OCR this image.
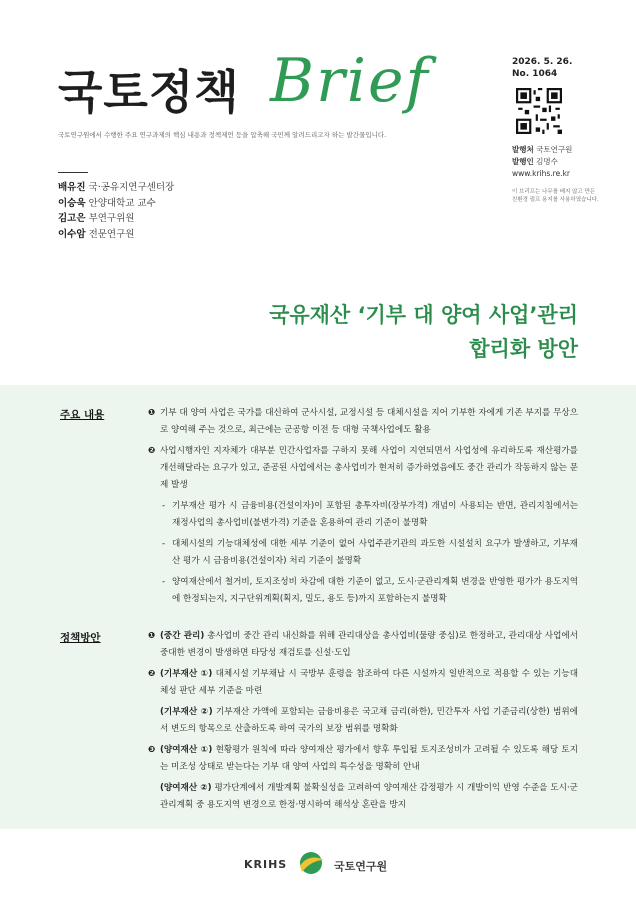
국토정책 Brief
국토연구원에서 수행한 주요 연구과제의 핵심 내용과 정책제언 등을 압축해 국민께 알려드리고자 하는 발간물입니다.
2026. 5. 26.
No. 1064
발행처 국토연구원
발행인 김명수
www.krihs.re.kr
이 브리프는 나무를 베지 않고 만든 친환경 펄프 용지를 사용하였습니다.
배유진 국·공유지연구센터장
이승욱 안양대학교 교수
김고은 부연구위원
이수암 전문연구원
국유재산 ‘기부 대 양여 사업’관리
합리화 방안
주요 내용	❶ 기부 대 양여 사업은 국가를 대신하여 군사시설, 교정시설 등 대체시설을 지어 기부한 자에게 기존 부지를 무상으로 양여해 주는 것으로, 최근에는 군공항 이전 등 대형 국책사업에도 활용
❷ 사업시행자인 지자체가 대부분 민간사업자를 구하지 못해 사업이 지연되면서 사업성에 유리하도록 재산평가를 개선해달라는 요구가 있고, 준공된 사업에서는 총사업비가 현저히 증가하였음에도 중간 관리가 작동하지 않는 문제 발생
- 기부재산 평가 시 금융비용(건설이자)이 포함된 총투자비(장부가격) 개념이 사용되는 반면, 관리지침에서는 재정사업의 총사업비(불변가격) 기준을 혼용하여 관리 기준이 불명확
- 대체시설의 기능대체성에 대한 세부 기준이 없어 사업주관기관의 과도한 시설설치 요구가 발생하고, 기부재산 평가 시 금융비용(건설이자) 처리 기준이 불명확
- 양여재산에서 철거비, 토지조성비 차감에 대한 기준이 없고, 도시·군관리계획 변경을 반영한 평가가 용도지역에 한정되는지, 지구단위계획(획지, 밀도, 용도 등)까지 포함하는지 불명확
정책방안	❶ (중간 관리) 총사업비 중간 관리 내신화를 위해 관리대상을 총사업비(물량 중심)로 한정하고, 관리대상 사업에서 중대한 변경이 발생하면 타당성 재검토를 신설·도입
❷ (기부재산 ①) 대체시설 기부채납 시 국방부 훈령을 참조하여 다른 시설까지 일반적으로 적용할 수 있는 기능대체성 판단 세부 기준을 마련
(기부재산 ②) 기부재산 가액에 포함되는 금융비용은 국고채 금리(하한), 민간투자 사업 기준금리(상한) 범위에서 변도의 항목으로 산출하도록 하여 국가의 보장 범위를 명확화
❸ (양여재산 ①) 현황평가 원칙에 따라 양여재산 평가에서 향후 투입될 토지조성비가 고려될 수 있도록 해당 토지는 미조성 상태로 받는다는 기부 대 양여 사업의 특수성을 명확히 안내
(양여재산 ②) 평가단계에서 개발계획 불확실성을 고려하여 양여재산 감정평가 시 개발이익 반영 수준을 도시·군관리계획 중 용도지역 변경으로 한정·명시하여 해석상 혼란을 방지
KRIHS	국토연구원
